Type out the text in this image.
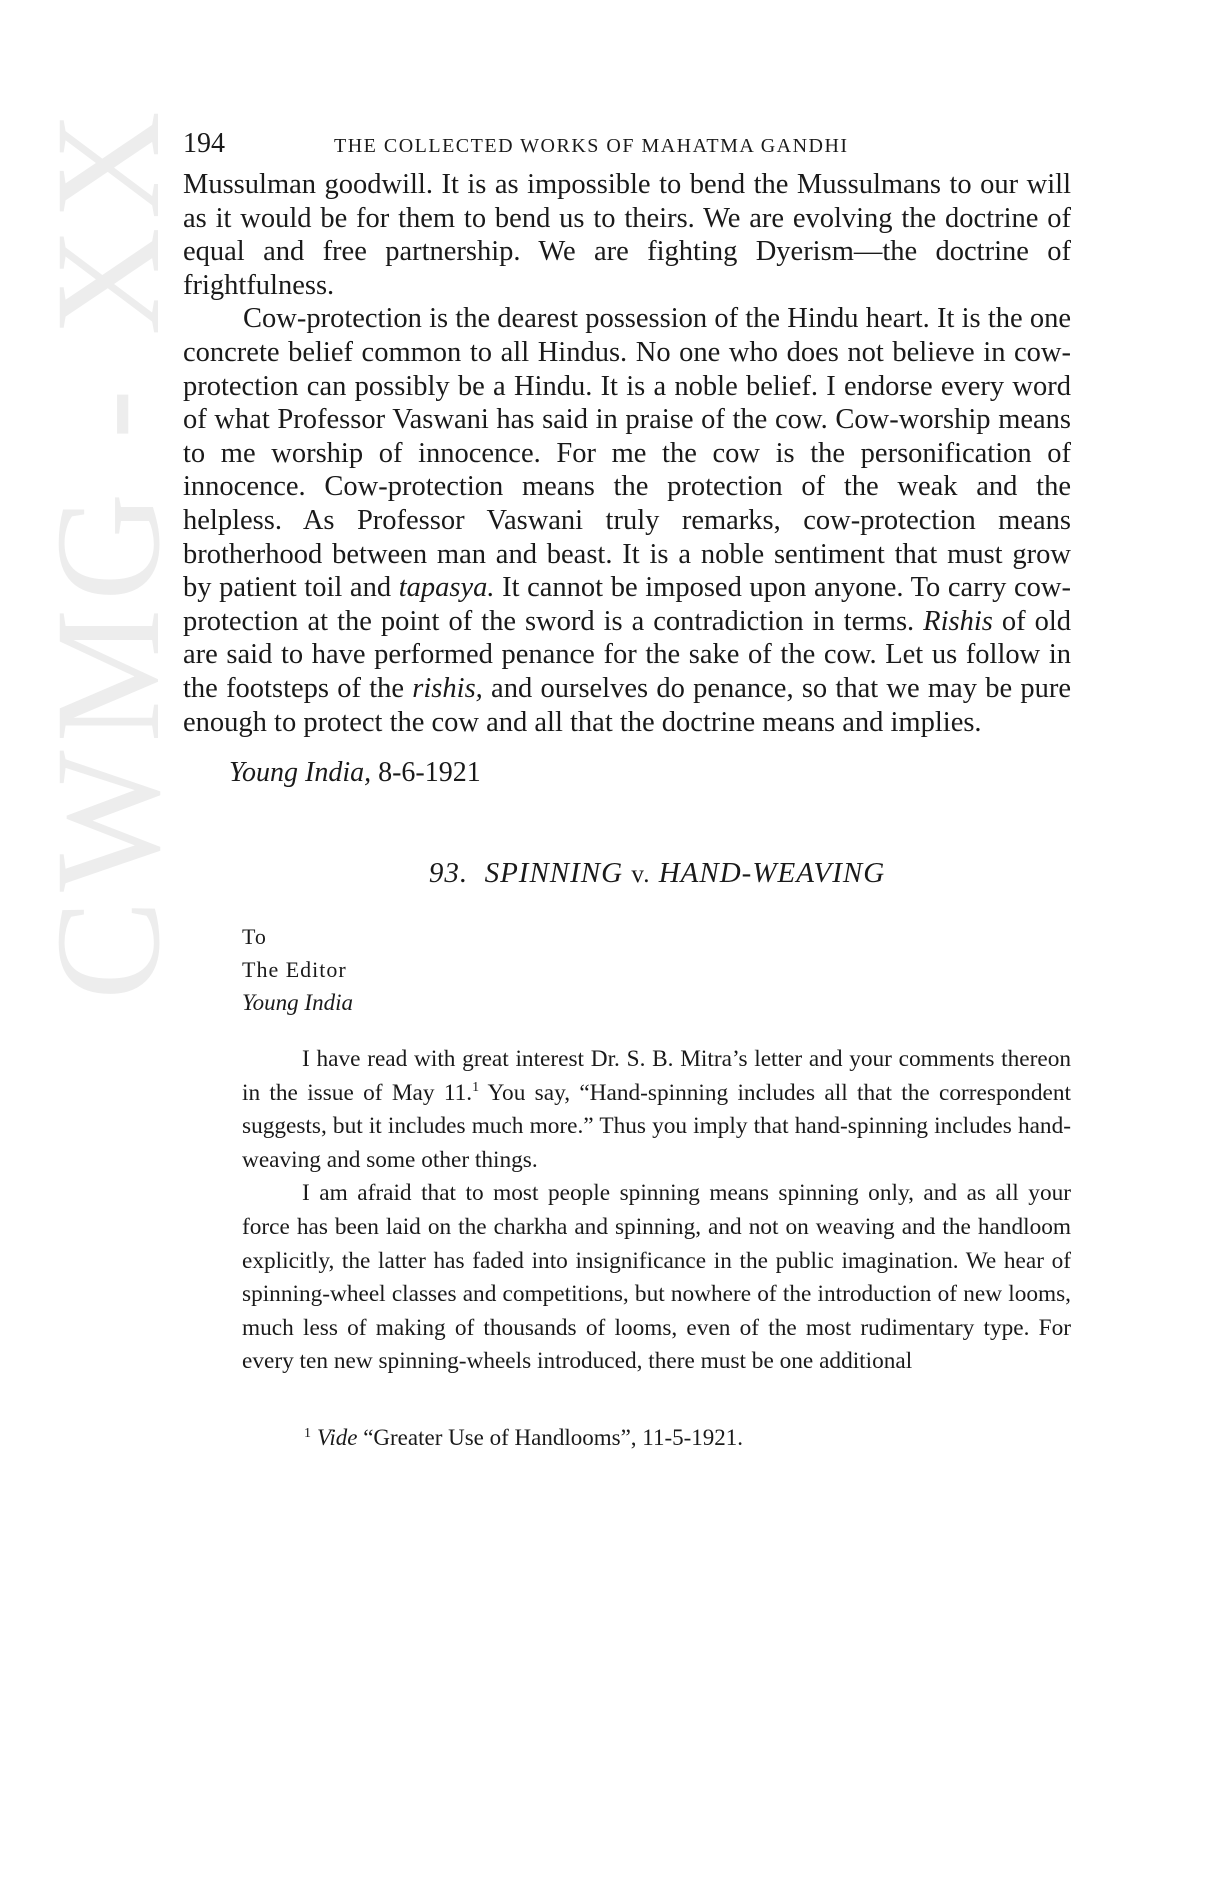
CWMG - XX
194	THE COLLECTED WORKS OF MAHATMA GANDHI

Mussulman goodwill. It is as impossible to bend the Mussulmans to our will as it would be for them to bend us to theirs. We are evolving the doctrine of equal and free partnership. We are fighting Dyerism—the doctrine of frightfulness.

Cow-protection is the dearest possession of the Hindu heart. It is the one concrete belief common to all Hindus. No one who does not believe in cow-protection can possibly be a Hindu. It is a noble belief. I endorse every word of what Professor Vaswani has said in praise of the cow. Cow-worship means to me worship of innocence. For me the cow is the personification of innocence. Cow-protection means the protection of the weak and the helpless. As Professor Vaswani truly remarks, cow-protection means brotherhood between man and beast. It is a noble sentiment that must grow by patient toil and tapasya. It cannot be imposed upon anyone. To carry cow-protection at the point of the sword is a contradiction in terms. Rishis of old are said to have performed penance for the sake of the cow. Let us follow in the footsteps of the rishis, and ourselves do penance, so that we may be pure enough to protect the cow and all that the doctrine means and implies.

Young India, 8-6-1921
93. SPINNING v. HAND-WEAVING
To
The Editor
Young India

I have read with great interest Dr. S. B. Mitra’s letter and your comments thereon in the issue of May 11.$^1$ You say, “Hand-spinning includes all that the correspondent suggests, but it includes much more.” Thus you imply that hand-spinning includes hand-weaving and some other things.

I am afraid that to most people spinning means spinning only, and as all your force has been laid on the charkha and spinning, and not on weaving and the handloom explicitly, the latter has faded into insignificance in the public imagination. We hear of spinning-wheel classes and competitions, but nowhere of the introduction of new looms, much less of making of thousands of looms, even of the most rudimentary type. For every ten new spinning-wheels introduced, there must be one additional

$^1$ Vide “Greater Use of Handlooms”, 11-5-1921.
